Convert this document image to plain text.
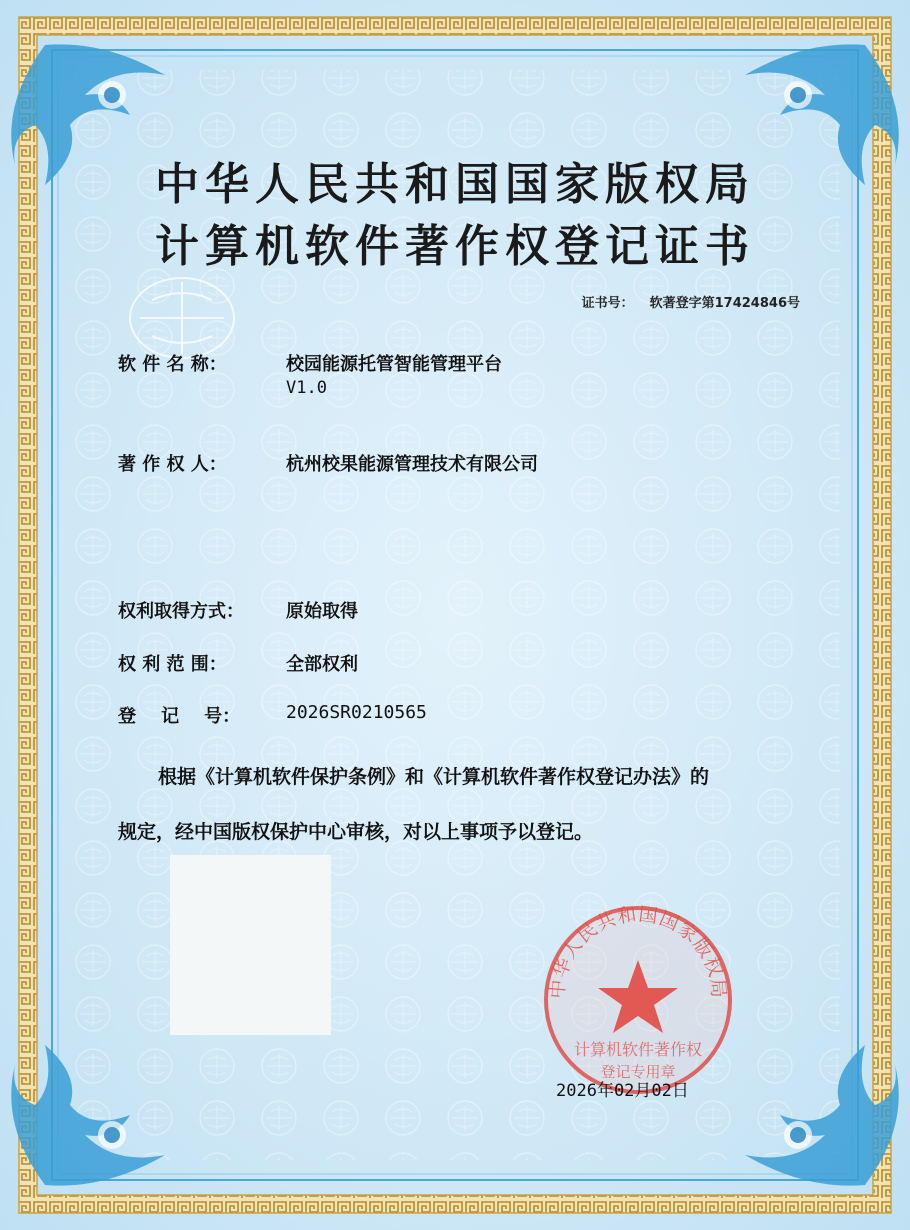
中华人民共和国国家版权局
计算机软件著作权登记证书
证书号： 软著登字第17424846号
软 件 名 称：	校园能源托管智能管理平台
V1.0
著 作 权 人：	杭州校果能源管理技术有限公司
权利取得方式： 原始取得
权 利 范 围：	全部权利
登    记    号：	2026SR0210565
根据《计算机软件保护条例》和《计算机软件著作权登记办法》的
规定，经中国版权保护中心审核，对以上事项予以登记。
中华人民共和国国家版权局
计算机软件著作权
登记专用章
2026年02月02日
